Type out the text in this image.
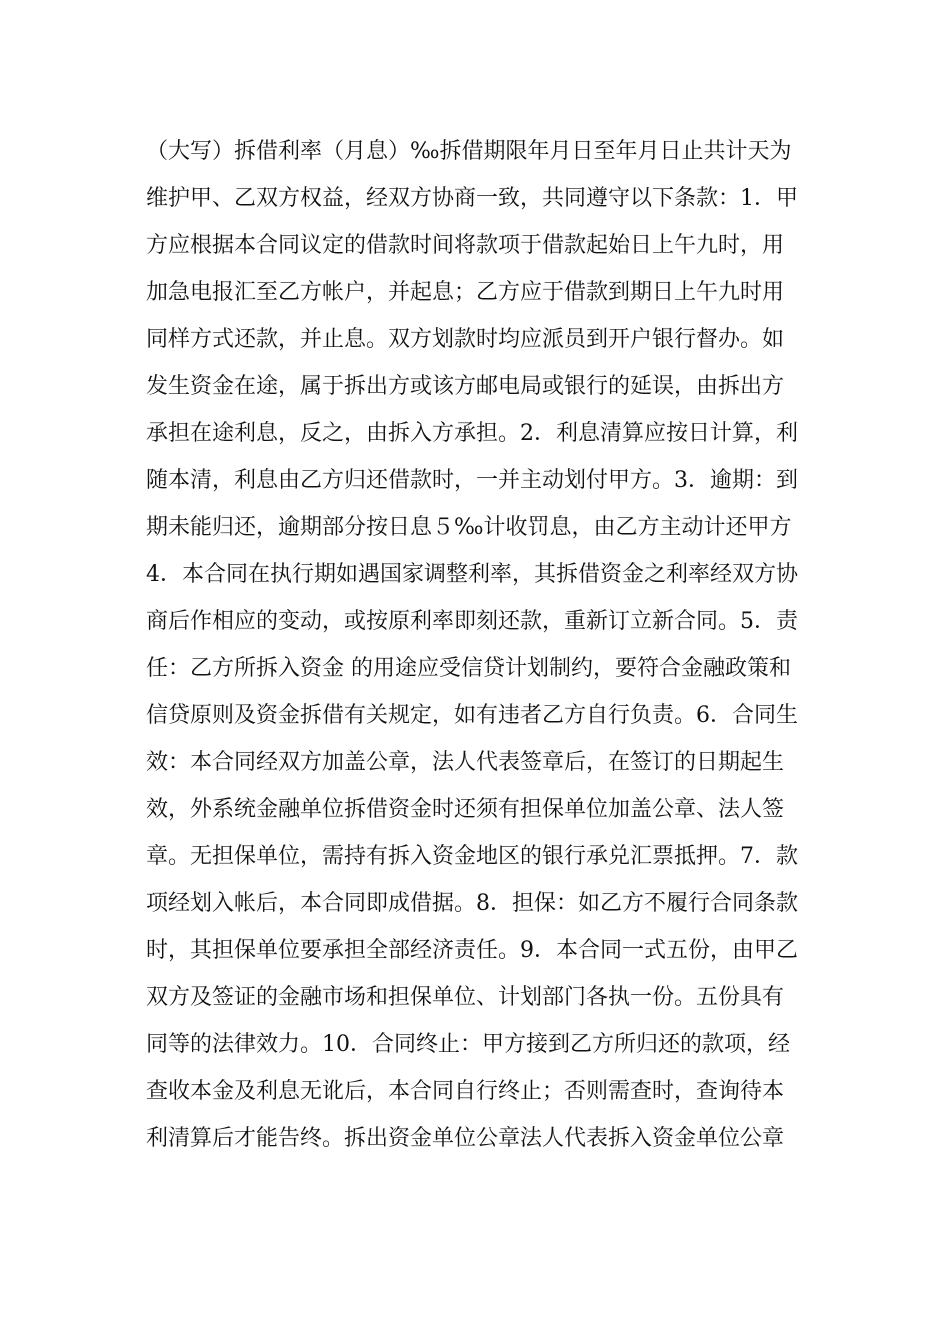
（大写）拆借利率（月息）‰拆借期限年月日至年月日止共计天为
维护甲、乙双方权益，经双方协商一致，共同遵守以下条款：1．甲
方应根据本合同议定的借款时间将款项于借款起始日上午九时，用
加急电报汇至乙方帐户，并起息；乙方应于借款到期日上午九时用
同样方式还款，并止息。双方划款时均应派员到开户银行督办。如
发生资金在途，属于拆出方或该方邮电局或银行的延误，由拆出方
承担在途利息，反之，由拆入方承担。2．利息清算应按日计算，利
随本清，利息由乙方归还借款时，一并主动划付甲方。3．逾期：到
期未能归还，逾期部分按日息５‰计收罚息，由乙方主动计还甲方
4．本合同在执行期如遇国家调整利率，其拆借资金之利率经双方协
商后作相应的变动，或按原利率即刻还款，重新订立新合同。5．责
任：乙方所拆入资金 的用途应受信贷计划制约，要符合金融政策和
信贷原则及资金拆借有关规定，如有违者乙方自行负责。6．合同生
效：本合同经双方加盖公章，法人代表签章后，在签订的日期起生
效，外系统金融单位拆借资金时还须有担保单位加盖公章、法人签
章。无担保单位，需持有拆入资金地区的银行承兑汇票抵押。7．款
项经划入帐后，本合同即成借据。8．担保：如乙方不履行合同条款
时，其担保单位要承担全部经济责任。9．本合同一式五份，由甲乙
双方及签证的金融市场和担保单位、计划部门各执一份。五份具有
同等的法律效力。10．合同终止：甲方接到乙方所归还的款项，经
查收本金及利息无讹后，本合同自行终止；否则需查时，查询待本
利清算后才能告终。拆出资金单位公章法人代表拆入资金单位公章
